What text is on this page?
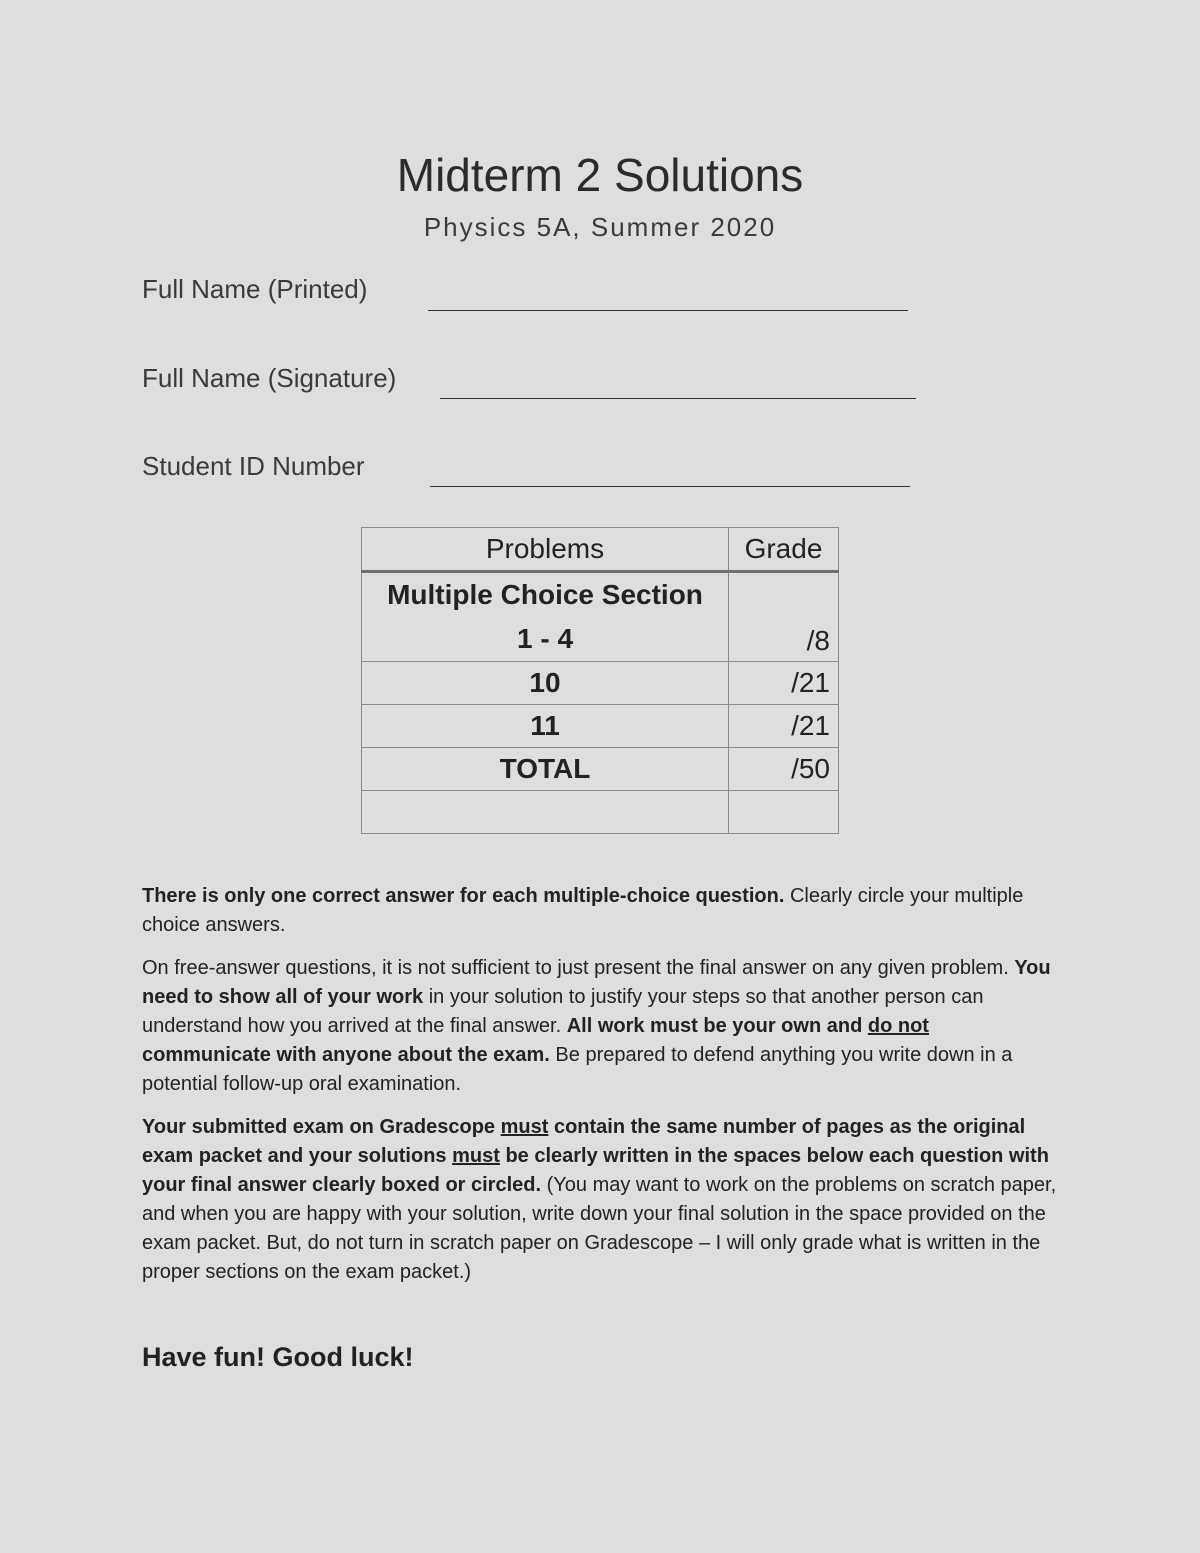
Midterm 2 Solutions
Physics 5A, Summer 2020
Full Name (Printed)
Full Name (Signature)
Student ID Number
Problems	Grade

Multiple Choice Section
1 - 4	/8
10	/21
11	/21
TOTAL	/50

There is only one correct answer for each multiple-choice question. Clearly circle your multiple choice answers.

On free-answer questions, it is not sufficient to just present the final answer on any given problem. You need to show all of your work in your solution to justify your steps so that another person can understand how you arrived at the final answer. All work must be your own and do not communicate with anyone about the exam. Be prepared to defend anything you write down in a potential follow-up oral examination.

Your submitted exam on Gradescope must contain the same number of pages as the original exam packet and your solutions must be clearly written in the spaces below each question with your final answer clearly boxed or circled. (You may want to work on the problems on scratch paper, and when you are happy with your solution, write down your final solution in the space provided on the exam packet. But, do not turn in scratch paper on Gradescope – I will only grade what is written in the proper sections on the exam packet.)

Have fun! Good luck!
